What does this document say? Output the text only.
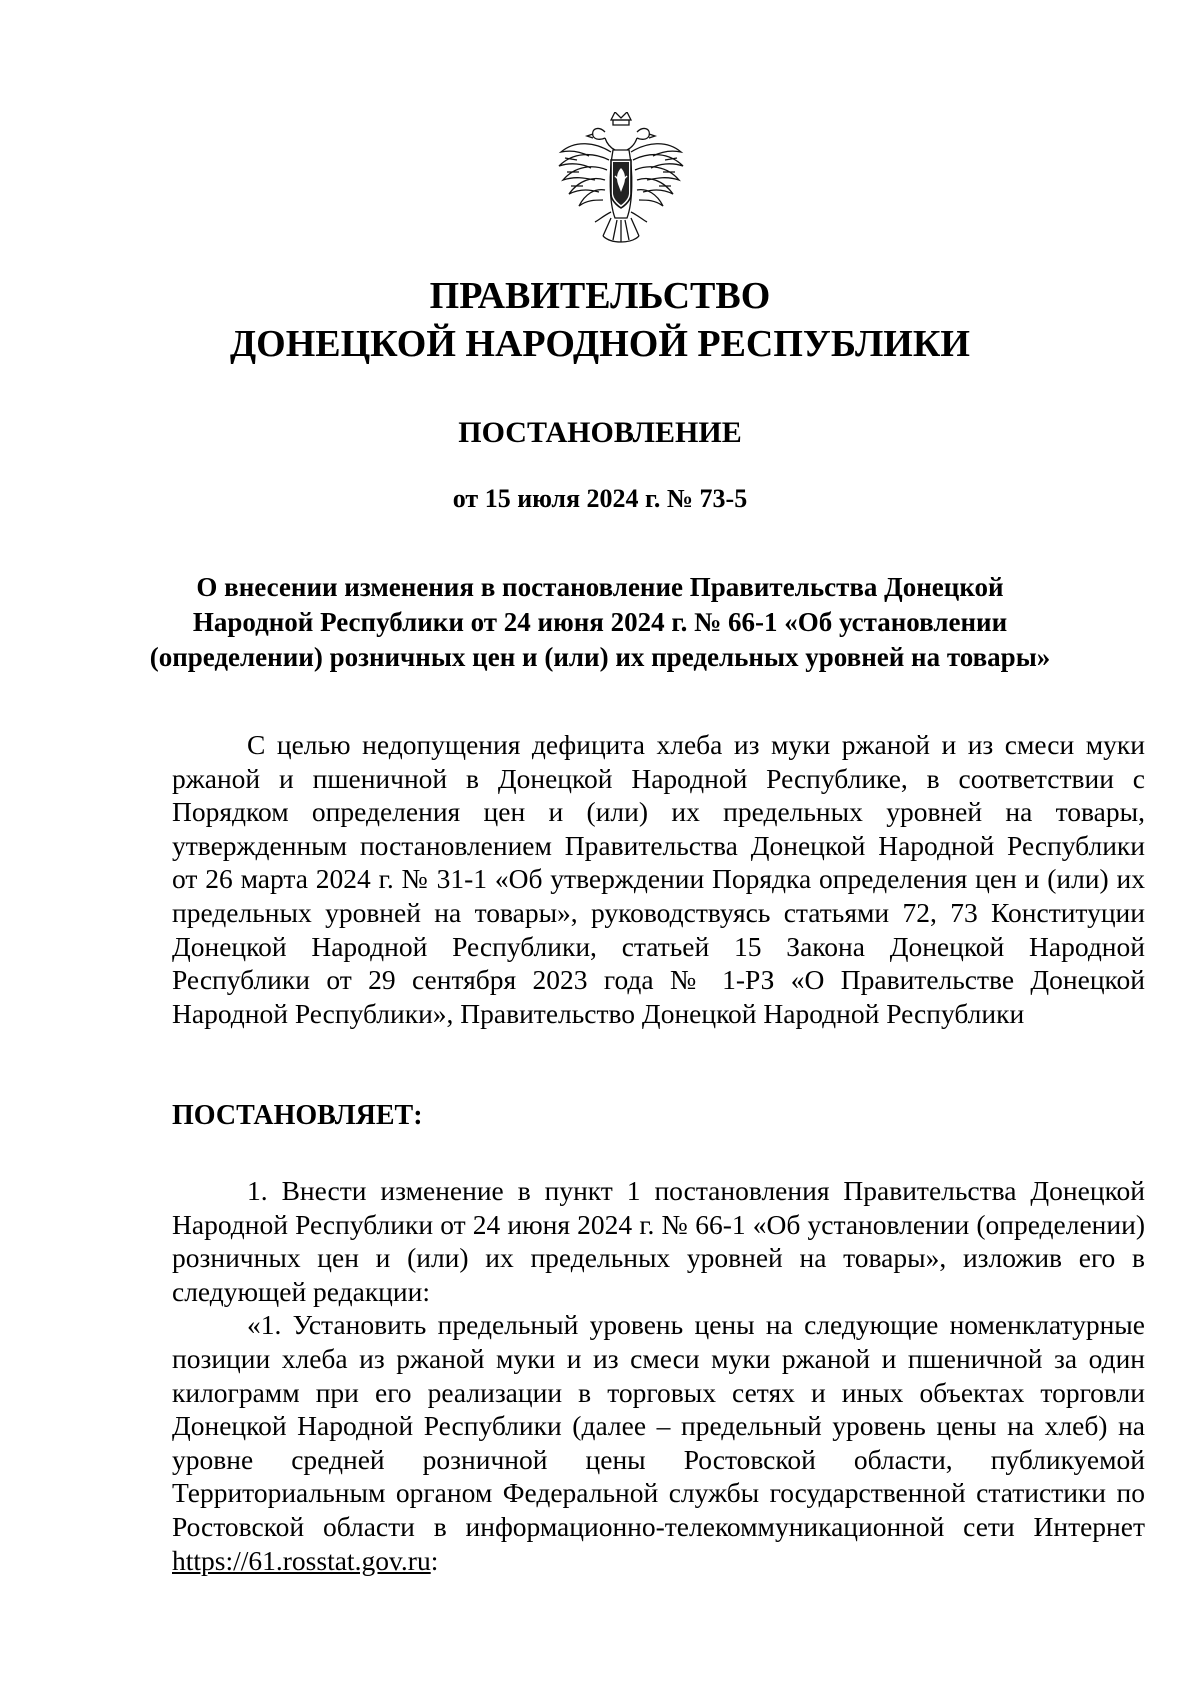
ПРАВИТЕЛЬСТВО
ДОНЕЦКОЙ НАРОДНОЙ РЕСПУБЛИКИ
ПОСТАНОВЛЕНИЕ
от 15 июля 2024 г. № 73-5
О внесении изменения в постановление Правительства Донецкой
Народной Республики от 24 июня 2024 г. № 66-1 «Об установлении
(определении) розничных цен и (или) их предельных уровней на товары»

С целью недопущения дефицита хлеба из муки ржаной и из смеси муки ржаной и пшеничной в Донецкой Народной Республике, в соответствии с Порядком определения цен и (или) их предельных уровней на товары, утвержденным постановлением Правительства Донецкой Народной Республики от 26 марта 2024 г. № 31-1 «Об утверждении Порядка определения цен и (или) их предельных уровней на товары», руководствуясь статьями 72, 73 Конституции Донецкой Народной Республики, статьей 15 Закона Донецкой Народной Республики от 29 сентября 2023 года № 1-РЗ «О Правительстве Донецкой Народной Республики», Правительство Донецкой Народной Республики

ПОСТАНОВЛЯЕТ:

1. Внести изменение в пункт 1 постановления Правительства Донецкой Народной Республики от 24 июня 2024 г. № 66-1 «Об установлении (определении) розничных цен и (или) их предельных уровней на товары», изложив его в следующей редакции:

«1. Установить предельный уровень цены на следующие номенклатурные позиции хлеба из ржаной муки и из смеси муки ржаной и пшеничной за один килограмм при его реализации в торговых сетях и иных объектах торговли Донецкой Народной Республики (далее – предельный уровень цены на хлеб) на уровне средней розничной цены Ростовской области, публикуемой Территориальным органом Федеральной службы государственной статистики по Ростовской области в информационно-телекоммуникационной сети Интернет https://61.rosstat.gov.ru:
